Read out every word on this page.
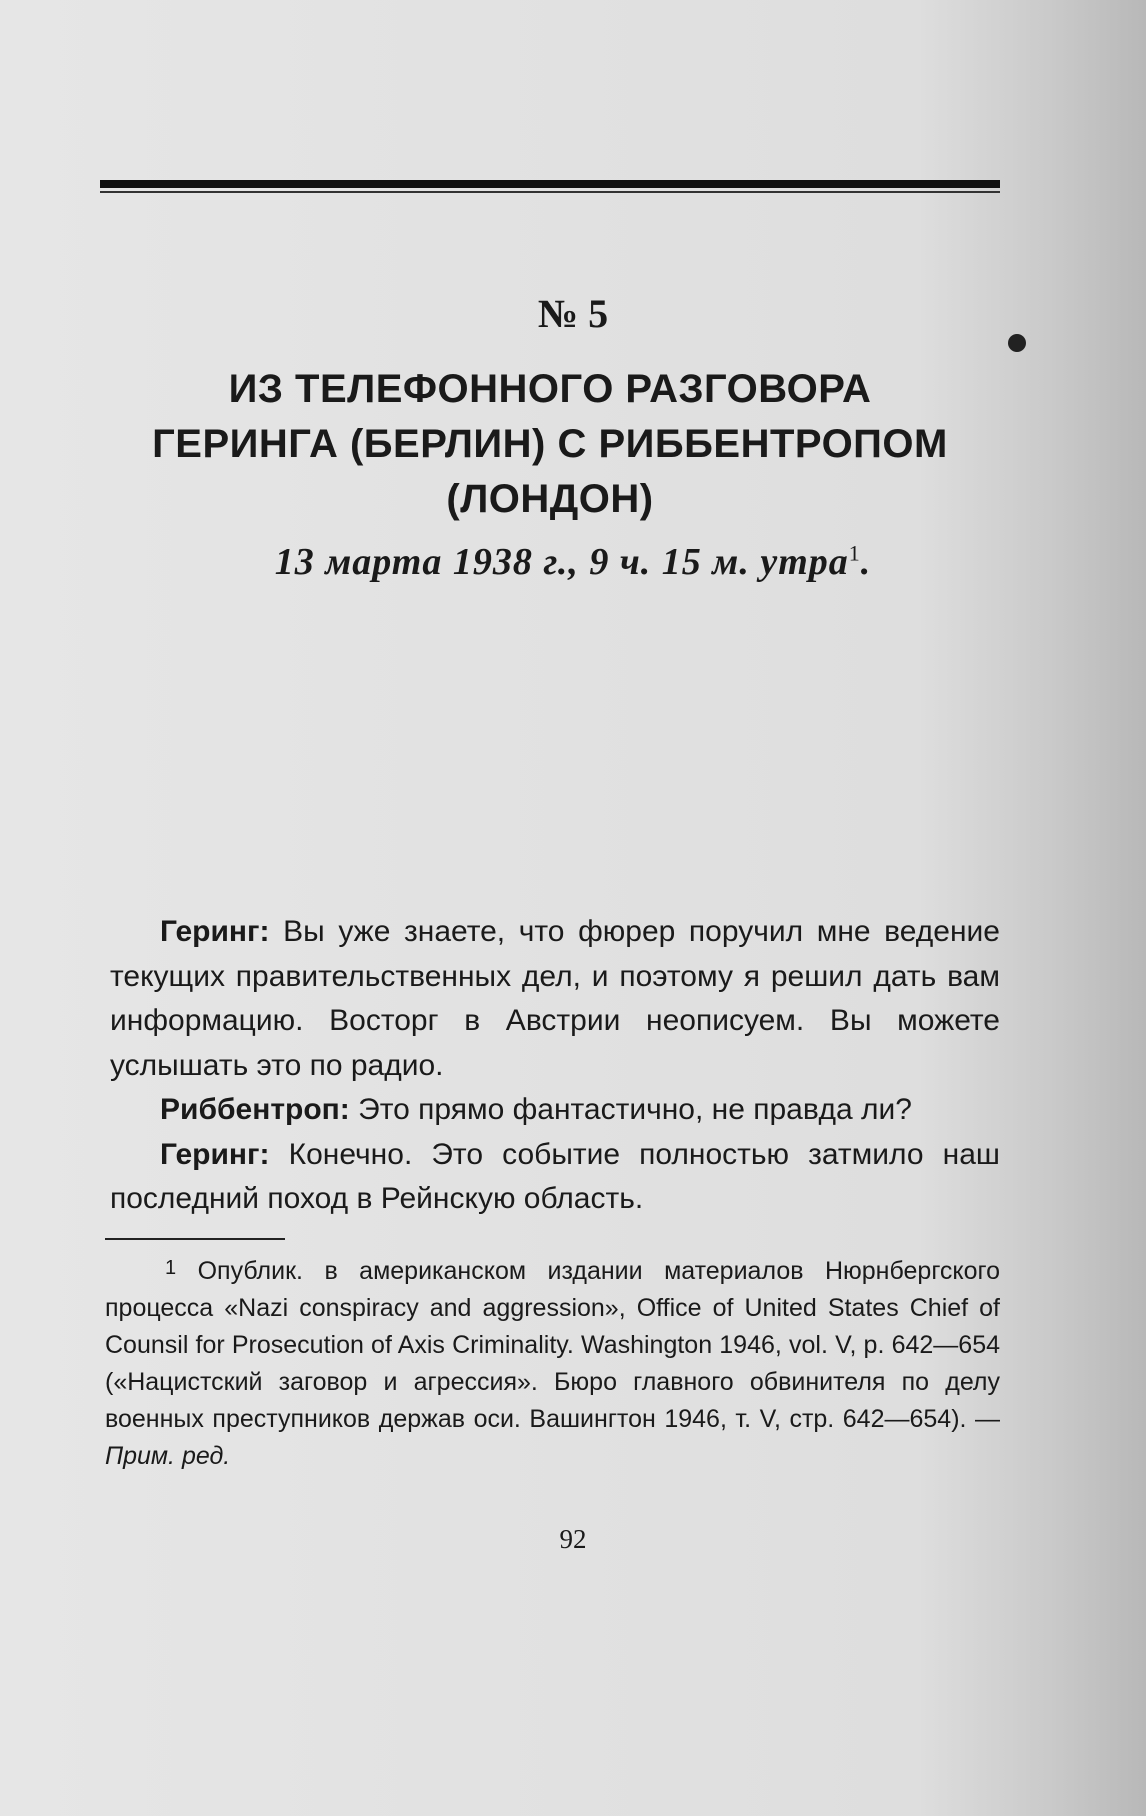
№ 5
ИЗ ТЕЛЕФОННОГО РАЗГОВОРА
ГЕРИНГА (БЕРЛИН) С РИББЕНТРОПОМ
(ЛОНДОН)
13 марта 1938 г., 9 ч. 15 м. утра$^1$.

Геринг: Вы уже знаете, что фюрер поручил мне ведение текущих правительственных дел, и поэтому я решил дать вам информацию. Восторг в Австрии неописуем. Вы можете услышать это по радио.

Риббентроп: Это прямо фантастично, не правда ли?

Геринг: Конечно. Это событие полностью затмило наш последний поход в Рейнскую область.

$^1$ Опублик. в американском издании материалов Нюрнбергского процесса «Nazi conspiracy and aggression», Office of United States Chief of Counsil for Prosecution of Axis Criminality. Washington 1946, vol. V, p. 642—654 («Нацистский заговор и агрессия». Бюро главного обвинителя по делу военных преступников держав оси. Вашингтон 1946, т. V, стр. 642—654). — Прим. ред.
92
